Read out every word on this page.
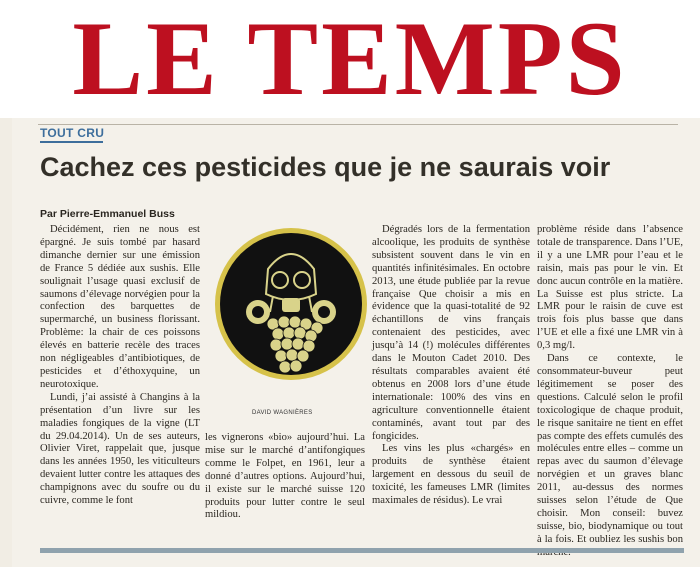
LE TEMPS
TOUT CRU
Cachez ces pesticides que je ne saurais voir
Par Pierre-Emmanuel Buss

Décidément, rien ne nous est épargné. Je suis tombé par hasard dimanche dernier sur une émission de France 5 dédiée aux sushis. Elle soulignait l’usage quasi exclusif de saumons d’élevage norvégien pour la confection des barquettes de supermarché, un business florissant. Problème: la chair de ces poissons élevés en batterie recèle des traces non négligeables d’antibiotiques, de pesticides et d’éthoxyquine, un neurotoxique.

Lundi, j’ai assisté à Changins à la présentation d’un livre sur les maladies fongiques de la vigne (LT du 29.04.2014). Un de ses auteurs, Olivier Viret, rappelait que, jusque dans les années 1950, les viticulteurs devaient lutter contre les attaques des champignons avec du soufre ou du cuivre, comme le font

DAVID WAGNIÈRES

les vignerons «bio» aujourd’hui. La mise sur le marché d’antifongiques comme le Folpet, en 1961, leur a donné d’autres options. Aujourd’hui, il existe sur le marché suisse 120 produits pour lutter contre le seul mildiou.

Dégradés lors de la fermentation alcoolique, les produits de synthèse subsistent souvent dans le vin en quantités infinitésimales. En octobre 2013, une étude publiée par la revue française Que choisir a mis en évidence que la quasi-totalité de 92 échantillons de vins français contenaient des pesticides, avec jusqu’à 14 (!) molécules différentes dans le Mouton Cadet 2010. Des résultats comparables avaient été obtenus en 2008 lors d’une étude internationale: 100% des vins en agriculture conventionnelle étaient contaminés, avant tout par des fongicides.

Les vins les plus «chargés» en produits de synthèse étaient largement en dessous du seuil de toxicité, les fameuses LMR (limites maximales de résidus). Le vrai

problème réside dans l’absence totale de transparence. Dans l’UE, il y a une LMR pour l’eau et le raisin, mais pas pour le vin. Et donc aucun contrôle en la matière. La Suisse est plus stricte. La LMR pour le raisin de cuve est trois fois plus basse que dans l’UE et elle a fixé une LMR vin à 0,3 mg/l.

Dans ce contexte, le consommateur-buveur peut légitimement se poser des questions. Calculé selon le profil toxicologique de chaque produit, le risque sanitaire ne tient en effet pas compte des effets cumulés des molécules entre elles – comme un repas avec du saumon d’élevage norvégien et un graves blanc 2011, au-dessus des normes suisses selon l’étude de Que choisir. Mon conseil: buvez suisse, bio, biodynamique ou tout à la fois. Et oubliez les sushis bon
